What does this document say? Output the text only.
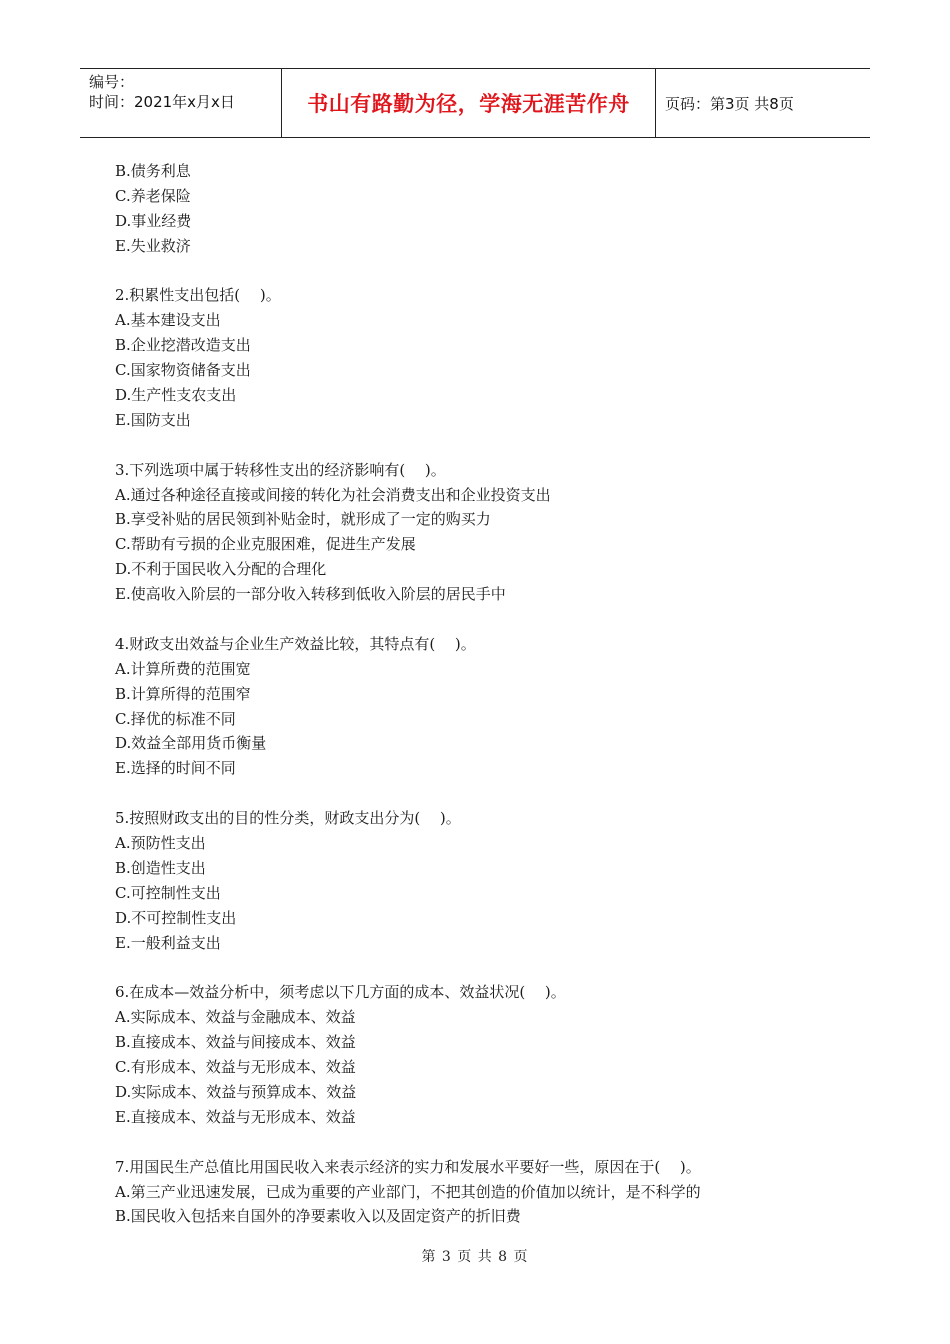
编号：
时间：2021年x月x日	书山有路勤为径，学海无涯苦作舟	页码：第3页 共8页
B.债务利息
C.养老保险
D.事业经费
E.失业救济
2.积累性支出包括(　 )。
A.基本建设支出
B.企业挖潜改造支出
C.国家物资储备支出
D.生产性支农支出
E.国防支出
3.下列选项中属于转移性支出的经济影响有(　 )。
A.通过各种途径直接或间接的转化为社会消费支出和企业投资支出
B.享受补贴的居民领到补贴金时，就形成了一定的购买力
C.帮助有亏损的企业克服困难，促进生产发展
D.不利于国民收入分配的合理化
E.使高收入阶层的一部分收入转移到低收入阶层的居民手中
4.财政支出效益与企业生产效益比较，其特点有(　 )。
A.计算所费的范围宽
B.计算所得的范围窄
C.择优的标准不同
D.效益全部用货币衡量
E.选择的时间不同
5.按照财政支出的目的性分类，财政支出分为(　 )。
A.预防性支出
B.创造性支出
C.可控制性支出
D.不可控制性支出
E.一般利益支出
6.在成本—效益分析中，须考虑以下几方面的成本、效益状况(　 )。
A.实际成本、效益与金融成本、效益
B.直接成本、效益与间接成本、效益
C.有形成本、效益与无形成本、效益
D.实际成本、效益与预算成本、效益
E.直接成本、效益与无形成本、效益
7.用国民生产总值比用国民收入来表示经济的实力和发展水平要好一些，原因在于(　 )。
A.第三产业迅速发展，已成为重要的产业部门，不把其创造的价值加以统计，是不科学的
B.国民收入包括来自国外的净要素收入以及固定资产的折旧费
第 3 页 共 8 页
